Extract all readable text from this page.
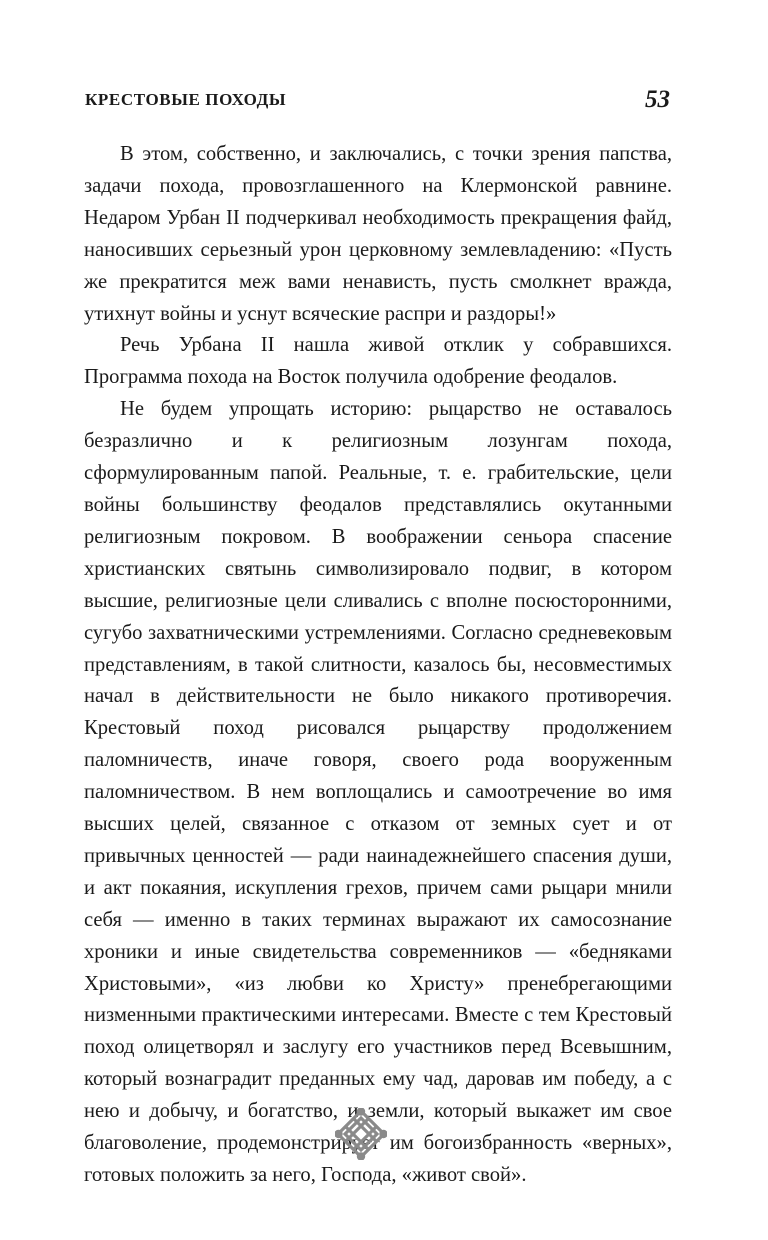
КРЕСТОВЫЕ ПОХОДЫ	53

В этом, собственно, и заключались, с точки зрения папства, задачи похода, провозглашенного на Клермонской равнине. Недаром Урбан II подчеркивал необходимость прекращения файд, наносивших серьезный урон церковному землевладению: «Пусть же прекратится меж вами ненависть, пусть смолкнет вражда, утихнут войны и уснут всяческие распри и раздоры!»

Речь Урбана II нашла живой отклик у собравшихся. Программа похода на Восток получила одобрение феодалов.

Не будем упрощать историю: рыцарство не оставалось безразлично и к религиозным лозунгам похода, сформулированным папой. Реальные, т. е. грабительские, цели войны большинству феодалов представлялись окутанными религиозным покровом. В воображении сеньора спасение христианских святынь символизировало подвиг, в котором высшие, религиозные цели сливались с вполне посюсторонними, сугубо захватническими устремлениями. Согласно средневековым представлениям, в такой слитности, казалось бы, несовместимых начал в действительности не было никакого противоречия. Крестовый поход рисовался рыцарству продолжением паломничеств, иначе говоря, своего рода вооруженным паломничеством. В нем воплощались и самоотречение во имя высших целей, связанное с отказом от земных сует и от привычных ценностей — ради наинадежнейшего спасения души, и акт покаяния, искупления грехов, причем сами рыцари мнили себя — именно в таких терминах выражают их самосознание хроники и иные свидетельства современников — «бедняками Христовыми», «из любви ко Христу» пренебрегающими низменными практическими интересами. Вместе с тем Крестовый поход олицетворял и заслугу его участников перед Всевышним, который вознаградит преданных ему чад, даровав им победу, а с нею и добычу, и богатство, и земли, который выкажет им свое благоволение, продемонстрирует им богоизбранность «верных», готовых положить за него, Господа, «живот свой».
